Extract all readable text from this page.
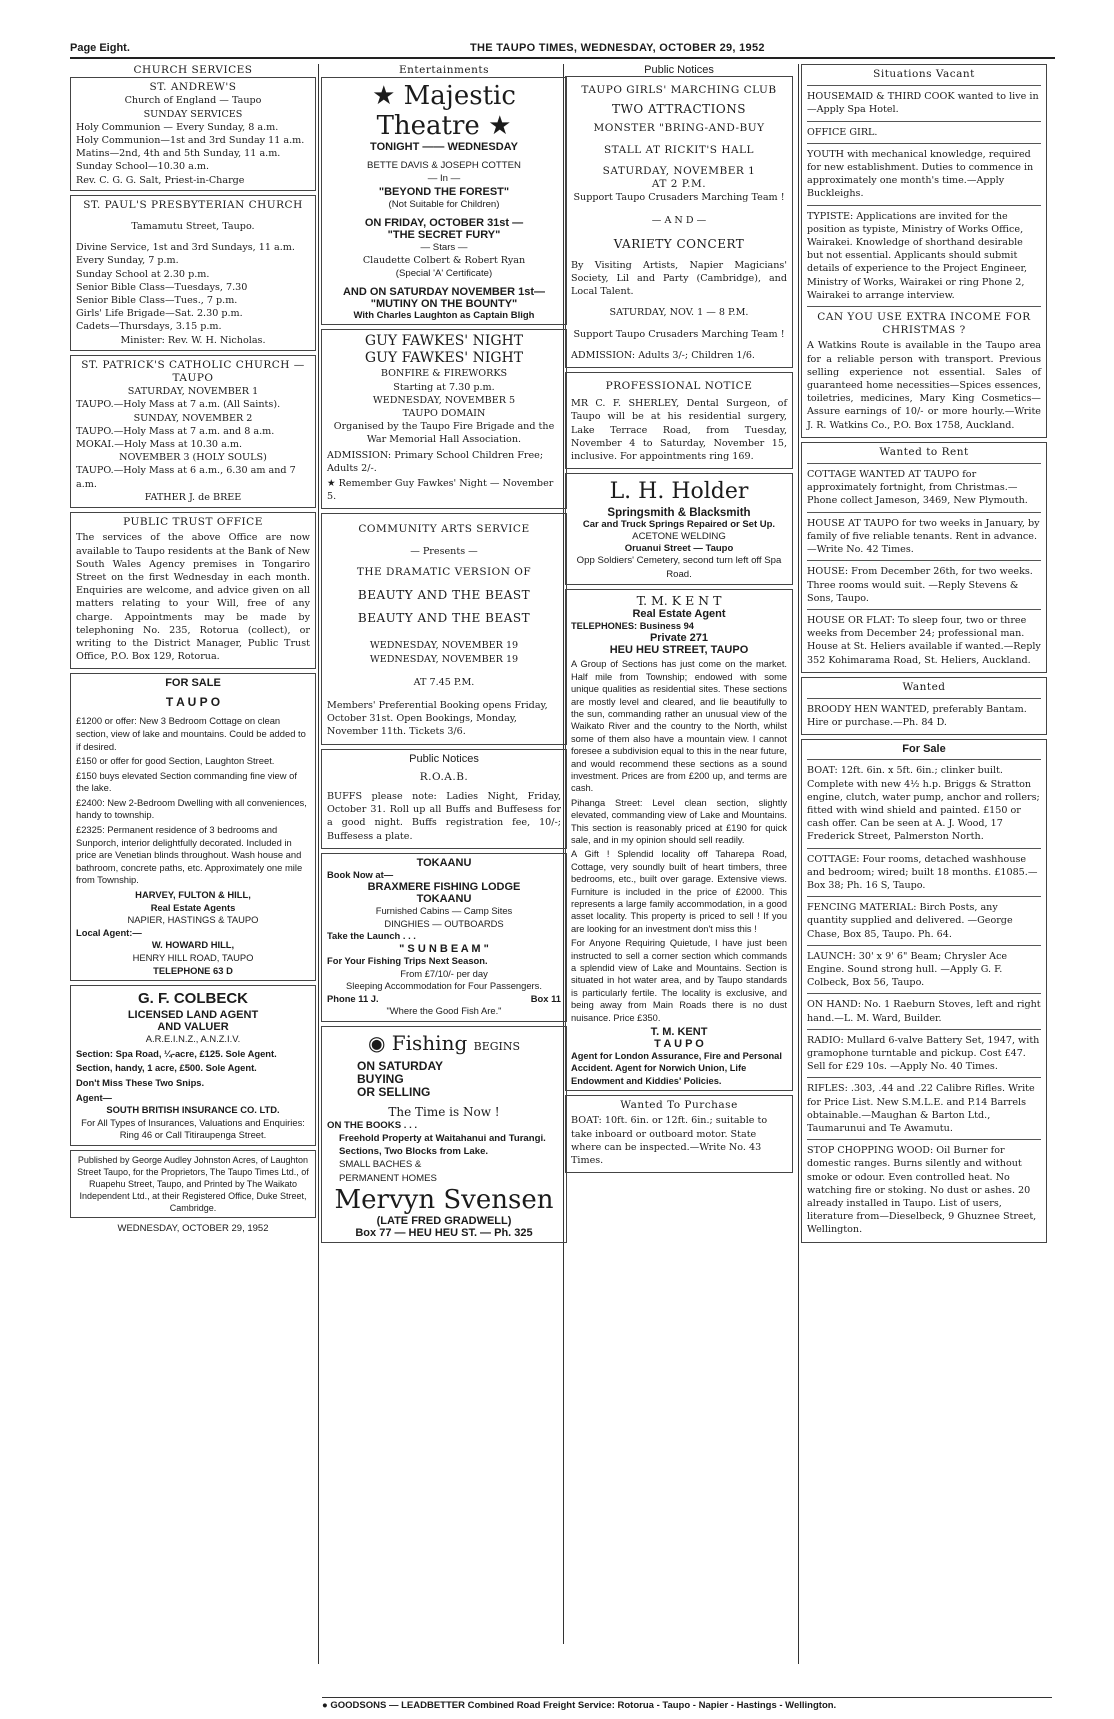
Page Eight.	THE TAUPO TIMES, WEDNESDAY, OCTOBER 29, 1952
CHURCH SERVICES
ST. ANDREW'S
Church of England — Taupo
SUNDAY SERVICES
Holy Communion — Every Sunday, 8 a.m.
Holy Communion—1st and 3rd Sunday 11 a.m.
Matins—2nd, 4th and 5th Sunday, 11 a.m.
Sunday School—10.30 a.m.
Rev. C. G. G. Salt, Priest-in-Charge
ST. PAUL'S PRESBYTERIAN CHURCH
Tamamutu Street, Taupo.
Divine Service, 1st and 3rd Sundays, 11 a.m. Every Sunday, 7 p.m.
Sunday School at 2.30 p.m.
Senior Bible Class—Tuesdays, 7.30
Senior Bible Class—Tues., 7 p.m.
Girls' Life Brigade—Sat. 2.30 p.m.
Cadets—Thursdays, 3.15 p.m.
Minister: Rev. W. H. Nicholas.
ST. PATRICK'S CATHOLIC CHURCH — TAUPO
SATURDAY, NOVEMBER 1
TAUPO.—Holy Mass at 7 a.m. (All Saints).
SUNDAY, NOVEMBER 2
TAUPO.—Holy Mass at 7 a.m. and 8 a.m.
MOKAI.—Holy Mass at 10.30 a.m.
NOVEMBER 3 (HOLY SOULS)
TAUPO.—Holy Mass at 6 a.m., 6.30 am and 7 a.m.
FATHER J. de BREE
PUBLIC TRUST OFFICE
The services of the above Office are now available to Taupo residents at the Bank of New South Wales Agency premises in Tongariro Street on the first Wednesday in each month. Enquiries are welcome, and advice given on all matters relating to your Will, free of any charge. Appointments may be made by telephoning No. 235, Rotorua (collect), or writing to the District Manager, Public Trust Office, P.O. Box 129, Rotorua.
FOR SALE
T A U P O
£1200 or offer: New 3 Bedroom Cottage on clean section, view of lake and mountains. Could be added to if desired.
£150 or offer for good Section, Laughton Street.
£150 buys elevated Section commanding fine view of the lake.
£2400: New 2-Bedroom Dwelling with all conveniences, handy to township.
£2325: Permanent residence of 3 bedrooms and Sunporch, interior delightfully decorated. Included in price are Venetian blinds throughout. Wash house and bathroom, concrete paths, etc. Approximately one mile from Township.
HARVEY, FULTON & HILL,
Real Estate Agents
NAPIER, HASTINGS & TAUPO
Local Agent:—
W. HOWARD HILL,
HENRY HILL ROAD, TAUPO
TELEPHONE 63 D
G. F. COLBECK
LICENSED LAND AGENT
AND VALUER
A.R.E.I.N.Z., A.N.Z.I.V.
Section: Spa Road, ¼-acre, £125. Sole Agent.
Section, handy, 1 acre, £500. Sole Agent.
Don't Miss These Two Snips.
Agent—
SOUTH BRITISH INSURANCE CO. LTD.
For All Types of Insurances, Valuations and Enquiries: Ring 46 or Call Titiraupenga Street.
Published by George Audley Johnston Acres, of Laughton Street Taupo, for the Proprietors, The Taupo Times Ltd., of Ruapehu Street, Taupo, and Printed by The Waikato Independent Ltd., at their Registered Office, Duke Street, Cambridge.
WEDNESDAY, OCTOBER 29, 1952
Entertainments
★ Majestic Theatre ★
TONIGHT —— WEDNESDAY
BETTE DAVIS & JOSEPH COTTEN
— In —
"BEYOND THE FOREST"
(Not Suitable for Children)
ON FRIDAY, OCTOBER 31st —
"THE SECRET FURY"
— Stars —
Claudette Colbert & Robert Ryan
(Special 'A' Certificate)
AND ON SATURDAY NOVEMBER 1st—
"MUTINY ON THE BOUNTY"
With Charles Laughton as Captain Bligh
GUY FAWKES' NIGHT
GUY FAWKES' NIGHT
BONFIRE & FIREWORKS
Starting at 7.30 p.m.
WEDNESDAY, NOVEMBER 5
TAUPO DOMAIN
Organised by the Taupo Fire Brigade and the War Memorial Hall Association.
ADMISSION: Primary School Children Free; Adults 2/-.
★ Remember Guy Fawkes' Night — November 5.
COMMUNITY ARTS SERVICE
— Presents —
THE DRAMATIC VERSION OF
BEAUTY AND THE BEAST
BEAUTY AND THE BEAST
WEDNESDAY, NOVEMBER 19
WEDNESDAY, NOVEMBER 19
AT 7.45 P.M.
Members' Preferential Booking opens Friday, October 31st. Open Bookings, Monday, November 11th. Tickets 3/6.
Public Notices
R.O.A.B.
BUFFS please note: Ladies Night, Friday, October 31. Roll up all Buffs and Buffesess for a good night. Buffs registration fee, 10/-; Buffesess a plate.
TOKAANU
Book Now at—
BRAXMERE FISHING LODGE
TOKAANU
Furnished Cabins — Camp Sites
DINGHIES — OUTBOARDS
Take the Launch . . .
" S U N B E A M "
For Your Fishing Trips Next Season.
From £7/10/- per day
Sleeping Accommodation for Four Passengers.
Phone 11 J.	Box 11
"Where the Good Fish Are."
◉ Fishing BEGINS
ON SATURDAY
BUYING
OR SELLING
The Time is Now !
ON THE BOOKS . . .
Freehold Property at Waitahanui and Turangi. Sections, Two Blocks from Lake.
SMALL BACHES &
PERMANENT HOMES
Mervyn Svensen
(LATE FRED GRADWELL)
Box 77 — HEU HEU ST. — Ph. 325
Public Notices
TAUPO GIRLS' MARCHING CLUB
TWO ATTRACTIONS
MONSTER "BRING-AND-BUY
STALL AT RICKIT'S HALL
SATURDAY, NOVEMBER 1
AT 2 P.M.
Support Taupo Crusaders Marching Team !
— A N D —
VARIETY CONCERT
By Visiting Artists, Napier Magicians' Society, Lil and Party (Cambridge), and Local Talent.
SATURDAY, NOV. 1 — 8 P.M.
Support Taupo Crusaders Marching Team !
ADMISSION: Adults 3/-; Children 1/6.
PROFESSIONAL NOTICE
MR C. F. SHERLEY, Dental Surgeon, of Taupo will be at his residential surgery, Lake Terrace Road, from Tuesday, November 4 to Saturday, November 15, inclusive. For appointments ring 169.
L. H. Holder
Springsmith & Blacksmith
Car and Truck Springs Repaired or Set Up.
ACETONE WELDING
Oruanui Street — Taupo
Opp Soldiers' Cemetery, second turn left off Spa Road.
T. M. K E N T
Real Estate Agent
TELEPHONES: Business 94
Private 271
HEU HEU STREET, TAUPO
A Group of Sections has just come on the market. Half mile from Township; endowed with some unique qualities as residential sites. These sections are mostly level and cleared, and lie beautifully to the sun, commanding rather an unusual view of the Waikato River and the country to the North, whilst some of them also have a mountain view. I cannot foresee a subdivision equal to this in the near future, and would recommend these sections as a sound investment. Prices are from £200 up, and terms are cash.
Pihanga Street: Level clean section, slightly elevated, commanding view of Lake and Mountains. This section is reasonably priced at £190 for quick sale, and in my opinion should sell readily.
A Gift ! Splendid locality off Taharepa Road, Cottage, very soundly built of heart timbers, three bedrooms, etc., built over garage. Extensive views. Furniture is included in the price of £2000. This represents a large family accommodation, in a good asset locality. This property is priced to sell ! If you are looking for an investment don't miss this !
For Anyone Requiring Quietude, I have just been instructed to sell a corner section which commands a splendid view of Lake and Mountains. Section is situated in hot water area, and by Taupo standards is particularly fertile. The locality is exclusive, and being away from Main Roads there is no dust nuisance. Price £350.
T. M. KENT
T A U P O
Agent for London Assurance, Fire and Personal Accident. Agent for Norwich Union, Life Endowment and Kiddies' Policies.
Wanted To Purchase
BOAT: 10ft. 6in. or 12ft. 6in.; suitable to take inboard or outboard motor. State where can be inspected.—Write No. 43 Times.
Situations Vacant
HOUSEMAID & THIRD COOK wanted to live in—Apply Spa Hotel.
OFFICE GIRL.
YOUTH with mechanical knowledge, required for new establishment. Duties to commence in approximately one month's time.—Apply Buckleighs.
TYPISTE: Applications are invited for the position as typiste, Ministry of Works Office, Wairakei. Knowledge of shorthand desirable but not essential. Applicants should submit details of experience to the Project Engineer, Ministry of Works, Wairakei or ring Phone 2, Wairakei to arrange interview.
CAN YOU USE EXTRA INCOME FOR CHRISTMAS ?
A Watkins Route is available in the Taupo area for a reliable person with transport. Previous selling experience not essential. Sales of guaranteed home necessities—Spices essences, toiletries, medicines, Mary King Cosmetics—Assure earnings of 10/- or more hourly.—Write J. R. Watkins Co., P.O. Box 1758, Auckland.
Wanted to Rent
COTTAGE WANTED AT TAUPO for approximately fortnight, from Christmas.—Phone collect Jameson, 3469, New Plymouth.
HOUSE AT TAUPO for two weeks in January, by family of five reliable tenants. Rent in advance.—Write No. 42 Times.
HOUSE: From December 26th, for two weeks. Three rooms would suit. —Reply Stevens & Sons, Taupo.
HOUSE OR FLAT: To sleep four, two or three weeks from December 24; professional man. House at St. Heliers available if wanted.—Reply 352 Kohimarama Road, St. Heliers, Auckland.
Wanted
BROODY HEN WANTED, preferably Bantam. Hire or purchase.—Ph. 84 D.
For Sale
BOAT: 12ft. 6in. x 5ft. 6in.; clinker built. Complete with new 4½ h.p. Briggs & Stratton engine, clutch, water pump, anchor and rollers; fitted with wind shield and painted. £150 or cash offer. Can be seen at A. J. Wood, 17 Frederick Street, Palmerston North.
COTTAGE: Four rooms, detached washhouse and bedroom; wired; built 18 months. £1085.—Box 38; Ph. 16 S, Taupo.
FENCING MATERIAL: Birch Posts, any quantity supplied and delivered. —George Chase, Box 85, Taupo. Ph. 64.
LAUNCH: 30' x 9' 6" Beam; Chrysler Ace Engine. Sound strong hull. —Apply G. F. Colbeck, Box 56, Taupo.
ON HAND: No. 1 Raeburn Stoves, left and right hand.—L. M. Ward, Builder.
RADIO: Mullard 6-valve Battery Set, 1947, with gramophone turntable and pickup. Cost £47. Sell for £29 10s. —Apply No. 40 Times.
RIFLES: .303, .44 and .22 Calibre Rifles. Write for Price List. New S.M.L.E. and P.14 Barrels obtainable.—Maughan & Barton Ltd., Taumarunui and Te Awamutu.
STOP CHOPPING WOOD: Oil Burner for domestic ranges. Burns silently and without smoke or odour. Even controlled heat. No watching fire or stoking. No dust or ashes. 20 already installed in Taupo. List of users, literature from—Dieselbeck, 9 Ghuznee Street, Wellington.
● GOODSONS — LEADBETTER Combined Road Freight Service: Rotorua - Taupo - Napier - Hastings - Wellington.
